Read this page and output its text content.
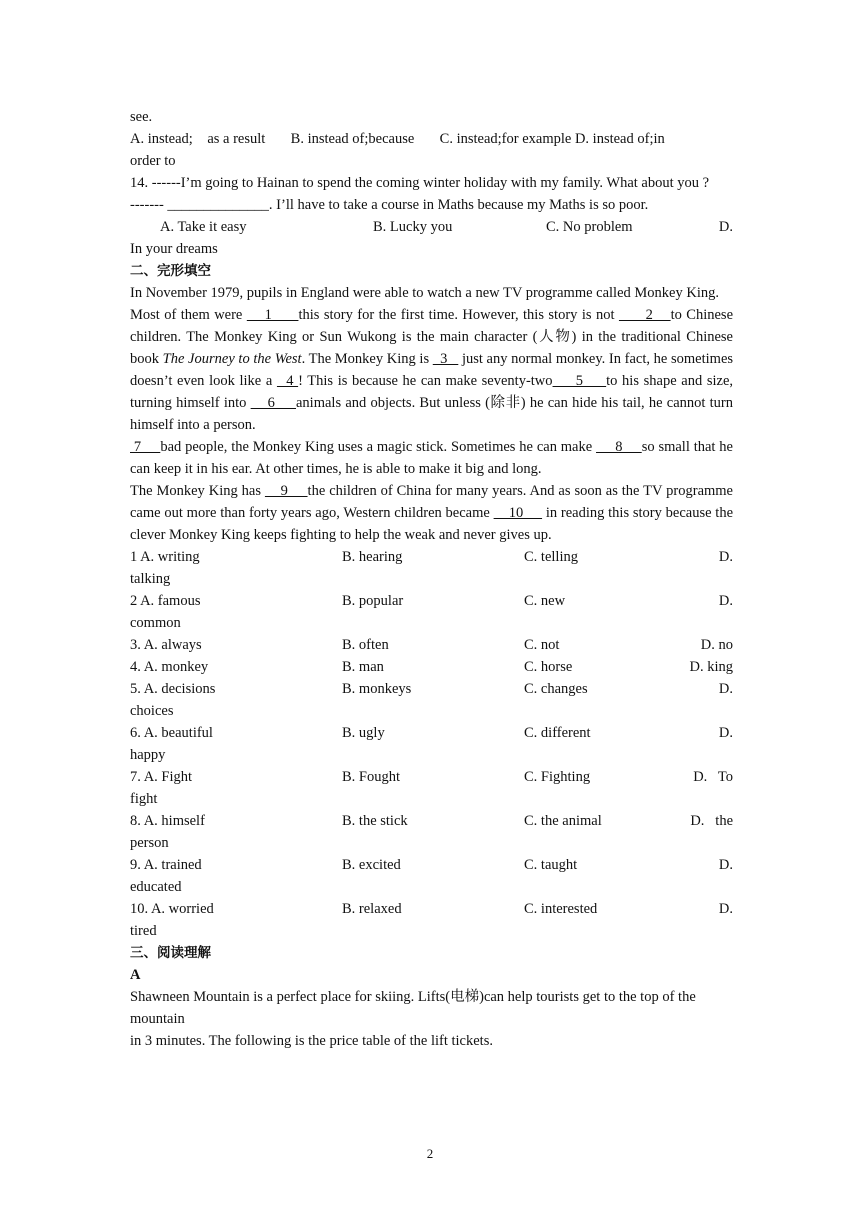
see.

A. instead;    as a result       B. instead of;because       C. instead;for example D. instead of;in

order to

14. ------I’m going to Hainan to spend the coming winter holiday with my family. What about you ?

------- ______________. I’ll have to take a course in Maths because my Maths is so poor.

A. Take it easy	B. Lucky you	C. No problem	D.

In your dreams

二、完形填空

In November 1979, pupils in England were able to watch a new TV programme called Monkey King.

Most of them were     1      this story for the first time. However, this story is not       2    to Chinese children. The Monkey King or Sun Wukong is the main character (人物) in the traditional Chinese book The Journey to the West. The Monkey King is   3    just any normal monkey. In fact, he sometimes doesn’t even look like a   4 ! This is because he can make seventy-two     5     to his shape and size, turning himself into     6     animals and objects. But unless (除非) he can hide his tail, he cannot turn himself into a person.

7     bad people, the Monkey King uses a magic stick. Sometimes he can make      8     so small that he can keep it in his ear. At other times, he is able to make it big and long.

The Monkey King has     9     the children of China for many years. And as soon as the TV programme came out more than forty years ago, Western children became     10      in reading this story because the clever Monkey King keeps fighting to help the weak and never gives up.

1 A. writing	B. hearing	C. telling	D.
talking
2 A. famous	B. popular	C. new	D.
common
3. A. always	B. often	C. not	D. no
4. A. monkey	B. man	C. horse	D. king
5. A. decisions	B. monkeys	C. changes	D.
choices
6. A. beautiful	B. ugly	C. different	D.
happy
7. A. Fight	B. Fought	C. Fighting	D.   To
fight
8. A. himself	B. the stick	C. the animal	D.   the
person
9. A. trained	B. excited	C. taught	D.
educated
10. A. worried	B. relaxed	C. interested	D.
tired

三、阅读理解

A

Shawneen Mountain is a perfect place for skiing. Lifts(电梯)can help tourists get to the top of the mountain

in 3 minutes. The following is the price table of the lift tickets.

2
